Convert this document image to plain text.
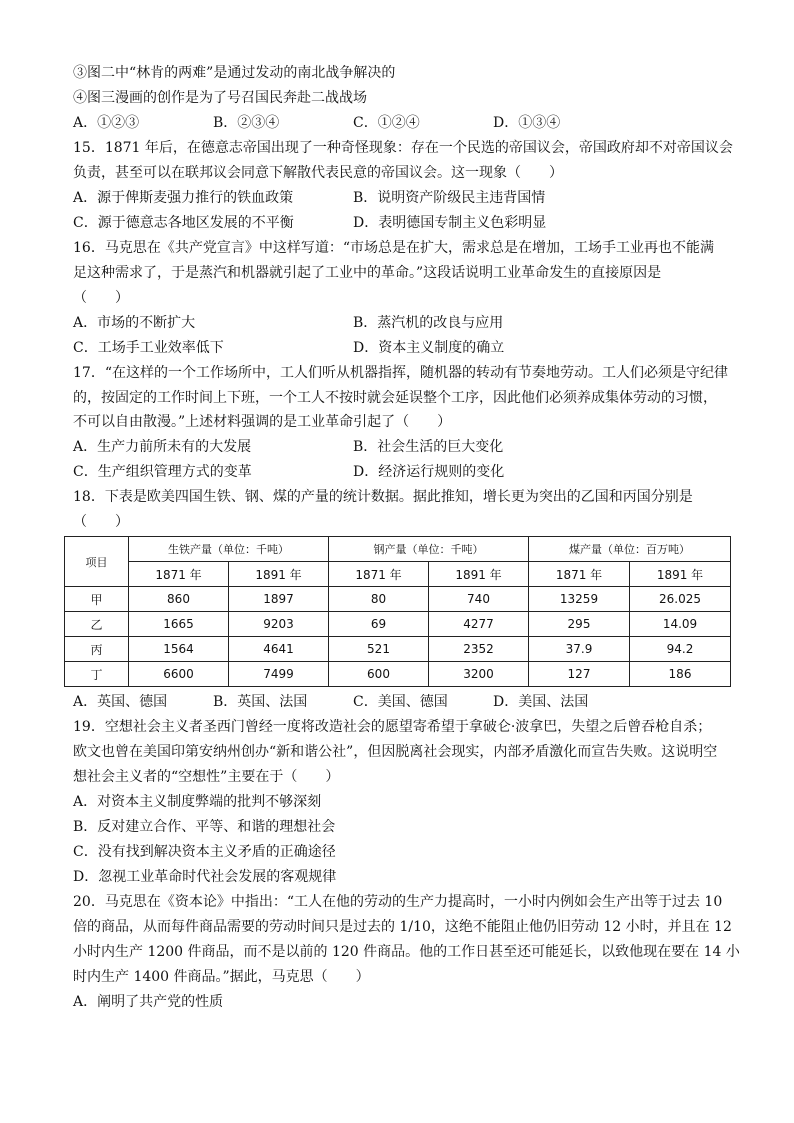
③图二中“林肯的两难”是通过发动的南北战争解决的
④图三漫画的创作是为了号召国民奔赴二战战场
A．①②③	B．②③④	C．①②④	D．①③④
15．1871 年后，在德意志帝国出现了一种奇怪现象：存在一个民选的帝国议会，帝国政府却不对帝国议会
负责，甚至可以在联邦议会同意下解散代表民意的帝国议会。这一现象（　　）
A．源于俾斯麦强力推行的铁血政策	B．说明资产阶级民主违背国情
C．源于德意志各地区发展的不平衡	D．表明德国专制主义色彩明显
16．马克思在《共产党宣言》中这样写道：“市场总是在扩大，需求总是在增加，工场手工业再也不能满
足这种需求了，于是蒸汽和机器就引起了工业中的革命。”这段话说明工业革命发生的直接原因是
（　　）
A．市场的不断扩大	B．蒸汽机的改良与应用
C．工场手工业效率低下	D．资本主义制度的确立
17．“在这样的一个工作场所中，工人们听从机器指挥，随机器的转动有节奏地劳动。工人们必须是守纪律
的，按固定的工作时间上下班，一个工人不按时就会延误整个工序，因此他们必须养成集体劳动的习惯，
不可以自由散漫。”上述材料强调的是工业革命引起了（　　）
A．生产力前所未有的大发展	B．社会生活的巨大变化
C．生产组织管理方式的变革	D．经济运行规则的变化
18．下表是欧美四国生铁、钢、煤的产量的统计数据。据此推知，增长更为突出的乙国和丙国分别是
（　　）
项目	生铁产量（单位：千吨）		钢产量（单位：千吨）		煤产量（单位：百万吨）	
	1871 年	1891 年	1871 年	1891 年	1871 年	1891 年
甲	860	1897	80	740	13259	26.025
乙	1665	9203	69	4277	295	14.09
丙	1564	4641	521	2352	37.9	94.2
丁	6600	7499	600	3200	127	186
A．英国、德国	B．英国、法国	C．美国、德国	D．美国、法国
19．空想社会主义者圣西门曾经一度将改造社会的愿望寄希望于拿破仑·波拿巴，失望之后曾吞枪自杀；
欧文也曾在美国印第安纳州创办“新和谐公社”，但因脱离社会现实，内部矛盾激化而宣告失败。这说明空
想社会主义者的“空想性”主要在于（　　）
A．对资本主义制度弊端的批判不够深刻
B．反对建立合作、平等、和谐的理想社会
C．没有找到解决资本主义矛盾的正确途径
D．忽视工业革命时代社会发展的客观规律
20．马克思在《资本论》中指出：“工人在他的劳动的生产力提高时，一小时内例如会生产出等于过去 10
倍的商品，从而每件商品需要的劳动时间只是过去的 1/10，这绝不能阻止他仍旧劳动 12 小时，并且在 12
小时内生产 1200 件商品，而不是以前的 120 件商品。他的工作日甚至还可能延长，以致他现在要在 14 小
时内生产 1400 件商品。”据此，马克思（　　）
A．阐明了共产党的性质
